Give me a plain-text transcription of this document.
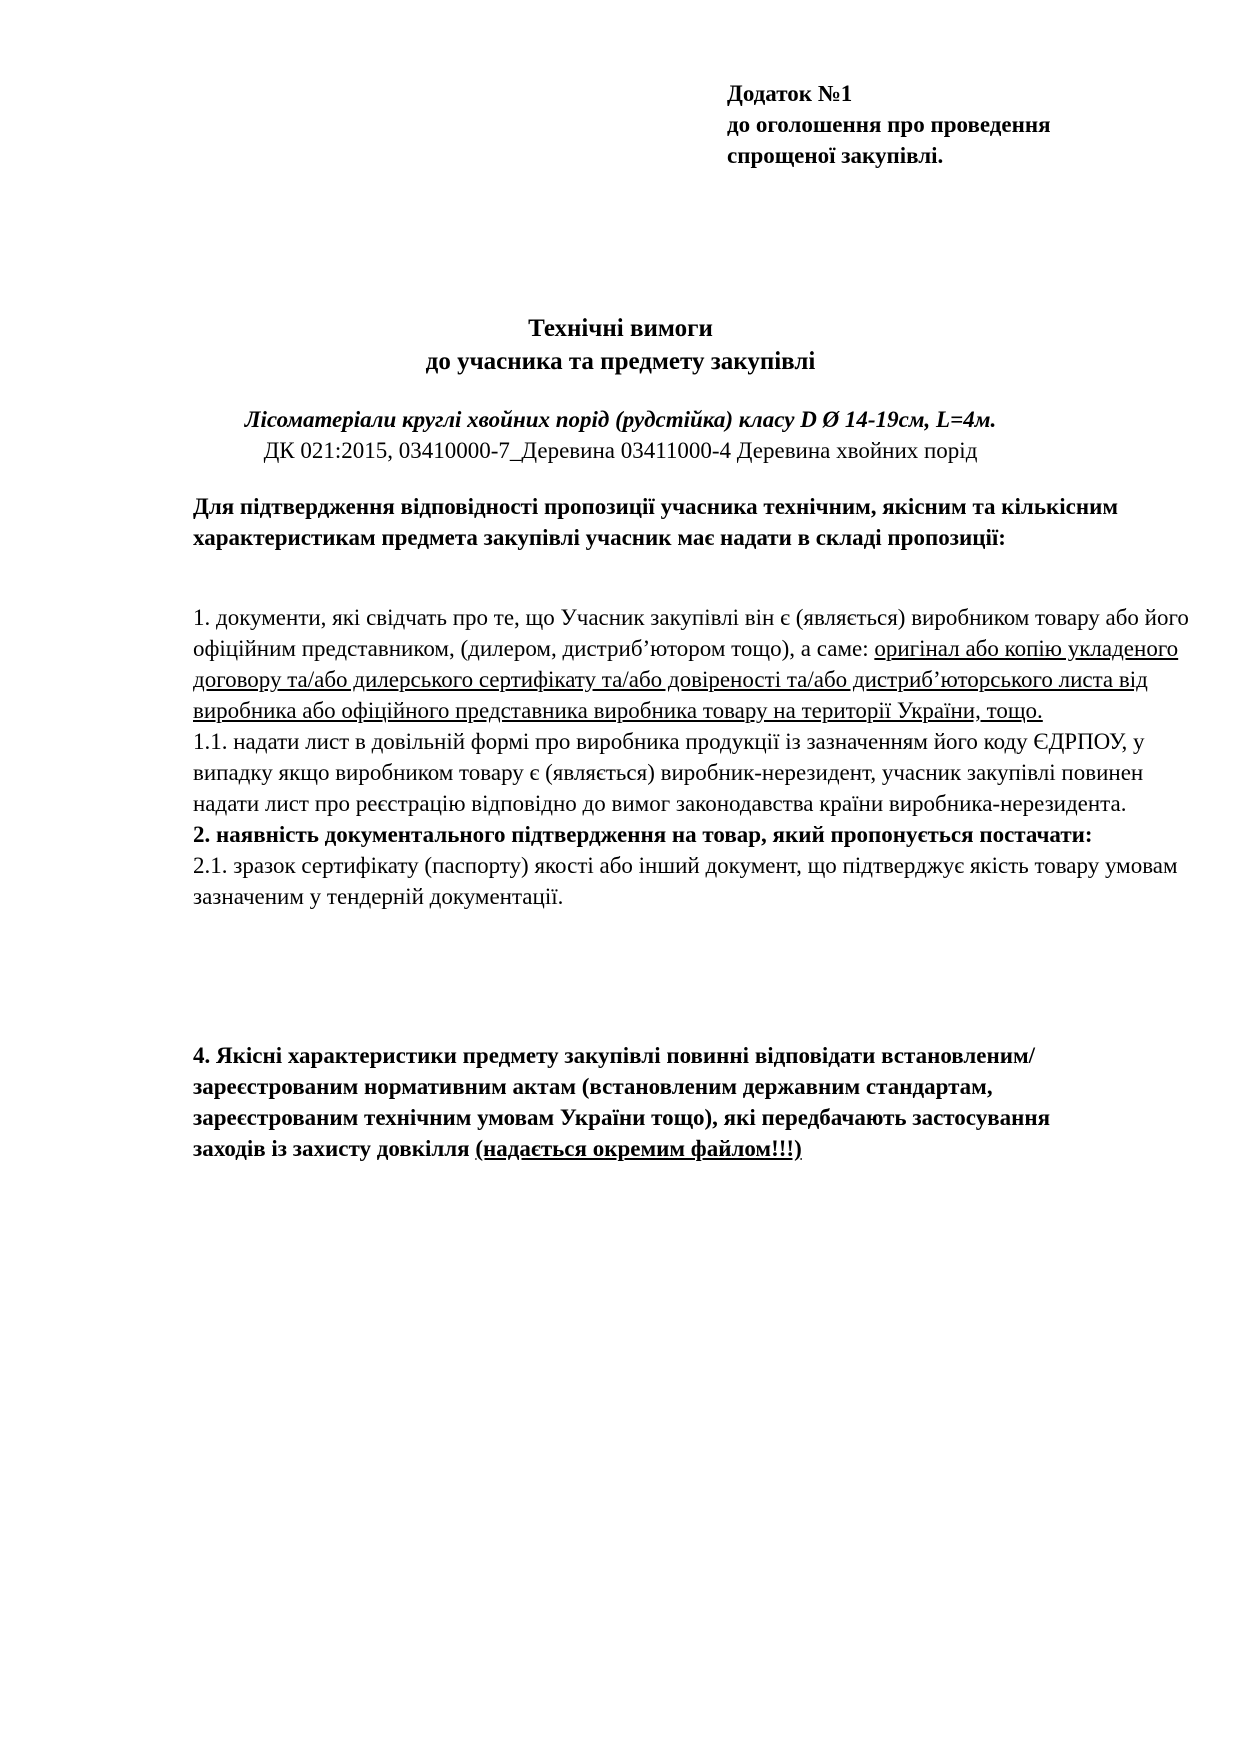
Додаток №1
до оголошення про проведення
спрощеної закупівлі.
Технічні вимоги
до учасника та предмету закупівлі
Лісоматеріали круглі хвойних порід (рудстійка) класу D Ø 14-19см, L=4м.
ДК 021:2015, 03410000-7_Деревина 03411000-4 Деревина хвойних порід
Для підтвердження відповідності пропозиції учасника технічним, якісним та кількісним характеристикам предмета закупівлі учасник має надати в складі пропозиції:

1. документи, які свідчать про те, що Учасник закупівлі він є (являється) виробником товару або його офіційним представником, (дилером, дистриб’ютором тощо), а саме: оригінал або копію укладеного договору та/або дилерського сертифікату та/або довіреності та/або дистриб’юторського листа від виробника або офіційного представника виробника товару на території України, тощо.

1.1. надати лист в довільній формі про виробника продукції із зазначенням його коду ЄДРПОУ, у випадку якщо виробником товару є (являється) виробник-нерезидент, учасник закупівлі повинен надати лист про реєстрацію відповідно до вимог законодавства країни виробника-нерезидента.

2. наявність документального підтвердження на товар, який пропонується постачати:

2.1. зразок сертифікату (паспорту) якості або інший документ, що підтверджує якість товару умовам зазначеним у тендерній документації.

4. Якісні характеристики предмету закупівлі повинні відповідати встановленим/зареєстрованим нормативним актам (встановленим державним стандартам, зареєстрованим технічним умовам України тощо), які передбачають застосування заходів із захисту довкілля (надається окремим файлом!!!)
